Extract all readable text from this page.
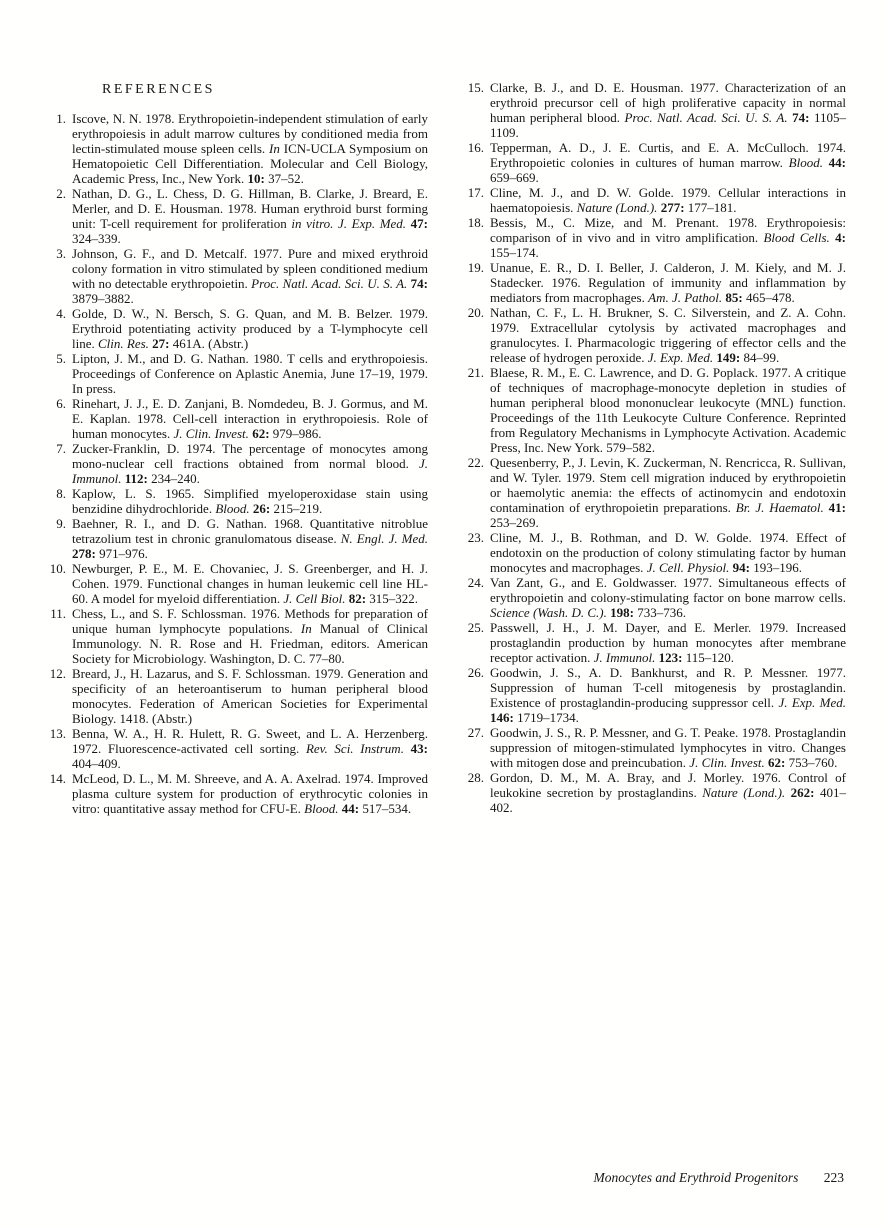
REFERENCES
1. Iscove, N. N. 1978. Erythropoietin-independent stimulation of early erythropoiesis in adult marrow cultures by conditioned media from lectin-stimulated mouse spleen cells. In ICN-UCLA Symposium on Hematopoietic Cell Differentiation. Molecular and Cell Biology, Academic Press, Inc., New York. 10: 37–52.
2. Nathan, D. G., L. Chess, D. G. Hillman, B. Clarke, J. Breard, E. Merler, and D. E. Housman. 1978. Human erythroid burst forming unit: T-cell requirement for proliferation in vitro. J. Exp. Med. 47: 324–339.
3. Johnson, G. F., and D. Metcalf. 1977. Pure and mixed erythroid colony formation in vitro stimulated by spleen conditioned medium with no detectable erythropoietin. Proc. Natl. Acad. Sci. U. S. A. 74: 3879–3882.
4. Golde, D. W., N. Bersch, S. G. Quan, and M. B. Belzer. 1979. Erythroid potentiating activity produced by a T-lymphocyte cell line. Clin. Res. 27: 461A. (Abstr.)
5. Lipton, J. M., and D. G. Nathan. 1980. T cells and erythropoiesis. Proceedings of Conference on Aplastic Anemia, June 17–19, 1979. In press.
6. Rinehart, J. J., E. D. Zanjani, B. Nomdedeu, B. J. Gormus, and M. E. Kaplan. 1978. Cell-cell interaction in erythropoiesis. Role of human monocytes. J. Clin. Invest. 62: 979–986.
7. Zucker-Franklin, D. 1974. The percentage of monocytes among mono-nuclear cell fractions obtained from normal blood. J. Immunol. 112: 234–240.
8. Kaplow, L. S. 1965. Simplified myeloperoxidase stain using benzidine dihydrochloride. Blood. 26: 215–219.
9. Baehner, R. I., and D. G. Nathan. 1968. Quantitative nitroblue tetrazolium test in chronic granulomatous disease. N. Engl. J. Med. 278: 971–976.
10. Newburger, P. E., M. E. Chovaniec, J. S. Greenberger, and H. J. Cohen. 1979. Functional changes in human leukemic cell line HL-60. A model for myeloid differentiation. J. Cell Biol. 82: 315–322.
11. Chess, L., and S. F. Schlossman. 1976. Methods for preparation of unique human lymphocyte populations. In Manual of Clinical Immunology. N. R. Rose and H. Friedman, editors. American Society for Microbiology. Washington, D. C. 77–80.
12. Breard, J., H. Lazarus, and S. F. Schlossman. 1979. Generation and specificity of an heteroantiserum to human peripheral blood monocytes. Federation of American Societies for Experimental Biology. 1418. (Abstr.)
13. Benna, W. A., H. R. Hulett, R. G. Sweet, and L. A. Herzenberg. 1972. Fluorescence-activated cell sorting. Rev. Sci. Instrum. 43: 404–409.
14. McLeod, D. L., M. M. Shreeve, and A. A. Axelrad. 1974. Improved plasma culture system for production of erythrocytic colonies in vitro: quantitative assay method for CFU-E. Blood. 44: 517–534.
15. Clarke, B. J., and D. E. Housman. 1977. Characterization of an erythroid precursor cell of high proliferative capacity in normal human peripheral blood. Proc. Natl. Acad. Sci. U. S. A. 74: 1105–1109.
16. Tepperman, A. D., J. E. Curtis, and E. A. McCulloch. 1974. Erythropoietic colonies in cultures of human marrow. Blood. 44: 659–669.
17. Cline, M. J., and D. W. Golde. 1979. Cellular interactions in haematopoiesis. Nature (Lond.). 277: 177–181.
18. Bessis, M., C. Mize, and M. Prenant. 1978. Erythropoiesis: comparison of in vivo and in vitro amplification. Blood Cells. 4: 155–174.
19. Unanue, E. R., D. I. Beller, J. Calderon, J. M. Kiely, and M. J. Stadecker. 1976. Regulation of immunity and inflammation by mediators from macrophages. Am. J. Pathol. 85: 465–478.
20. Nathan, C. F., L. H. Brukner, S. C. Silverstein, and Z. A. Cohn. 1979. Extracellular cytolysis by activated macrophages and granulocytes. I. Pharmacologic triggering of effector cells and the release of hydrogen peroxide. J. Exp. Med. 149: 84–99.
21. Blaese, R. M., E. C. Lawrence, and D. G. Poplack. 1977. A critique of techniques of macrophage-monocyte depletion in studies of human peripheral blood mononuclear leukocyte (MNL) function. Proceedings of the 11th Leukocyte Culture Conference. Reprinted from Regulatory Mechanisms in Lymphocyte Activation. Academic Press, Inc. New York. 579–582.
22. Quesenberry, P., J. Levin, K. Zuckerman, N. Rencricca, R. Sullivan, and W. Tyler. 1979. Stem cell migration induced by erythropoietin or haemolytic anemia: the effects of actinomycin and endotoxin contamination of erythropoietin preparations. Br. J. Haematol. 41: 253–269.
23. Cline, M. J., B. Rothman, and D. W. Golde. 1974. Effect of endotoxin on the production of colony stimulating factor by human monocytes and macrophages. J. Cell. Physiol. 94: 193–196.
24. Van Zant, G., and E. Goldwasser. 1977. Simultaneous effects of erythropoietin and colony-stimulating factor on bone marrow cells. Science (Wash. D. C.). 198: 733–736.
25. Passwell, J. H., J. M. Dayer, and E. Merler. 1979. Increased prostaglandin production by human monocytes after membrane receptor activation. J. Immunol. 123: 115–120.
26. Goodwin, J. S., A. D. Bankhurst, and R. P. Messner. 1977. Suppression of human T-cell mitogenesis by prostaglandin. Existence of prostaglandin-producing suppressor cell. J. Exp. Med. 146: 1719–1734.
27. Goodwin, J. S., R. P. Messner, and G. T. Peake. 1978. Prostaglandin suppression of mitogen-stimulated lymphocytes in vitro. Changes with mitogen dose and preincubation. J. Clin. Invest. 62: 753–760.
28. Gordon, D. M., M. A. Bray, and J. Morley. 1976. Control of leukokine secretion by prostaglandins. Nature (Lond.). 262: 401–402.
Monocytes and Erythroid Progenitors 223
